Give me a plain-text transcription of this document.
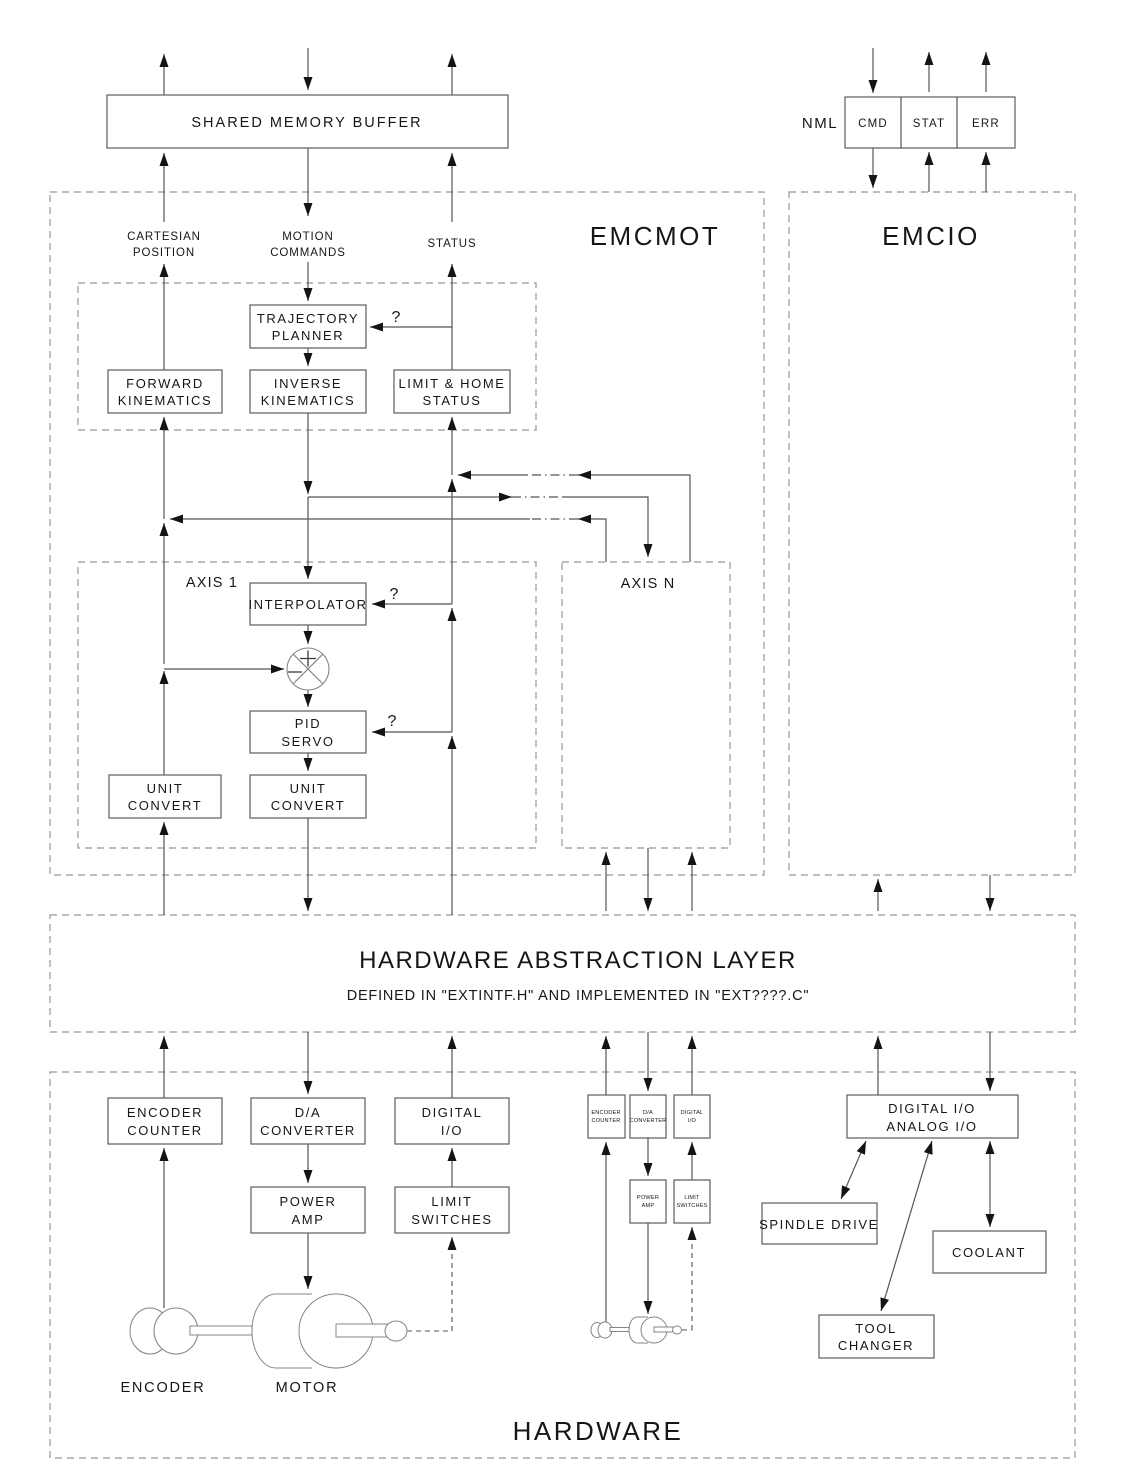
SHARED MEMORY BUFFER	NML CMD STAT ERR
EMCMOT	EMCIO
CARTESIAN
POSITION
MOTION
COMMANDS
STATUS
TRAJECTORY
PLANNER
FORWARD
KINEMATICS
INVERSE
KINEMATICS
LIMIT & HOME
STATUS
?
?
?
AXIS 1	AXIS N
INTERPOLATOR
PID
SERVO
UNIT
CONVERT
UNIT
CONVERT
HARDWARE ABSTRACTION LAYER
DEFINED IN "EXTINTF.H" AND IMPLEMENTED IN "EXT????.C"
ENCODER
COUNTER
D/A
CONVERTER
DIGITAL
I/O
POWER
AMP
LIMIT
SWITCHES
ENCODER
COUNTER
D/A
CONVERTER
DIGITAL
I/O
POWER
AMP
LIMIT
SWITCHES
DIGITAL I/O
ANALOG I/O
SPINDLE DRIVE
COOLANT
TOOL
CHANGER
ENCODER	MOTOR
HARDWARE
